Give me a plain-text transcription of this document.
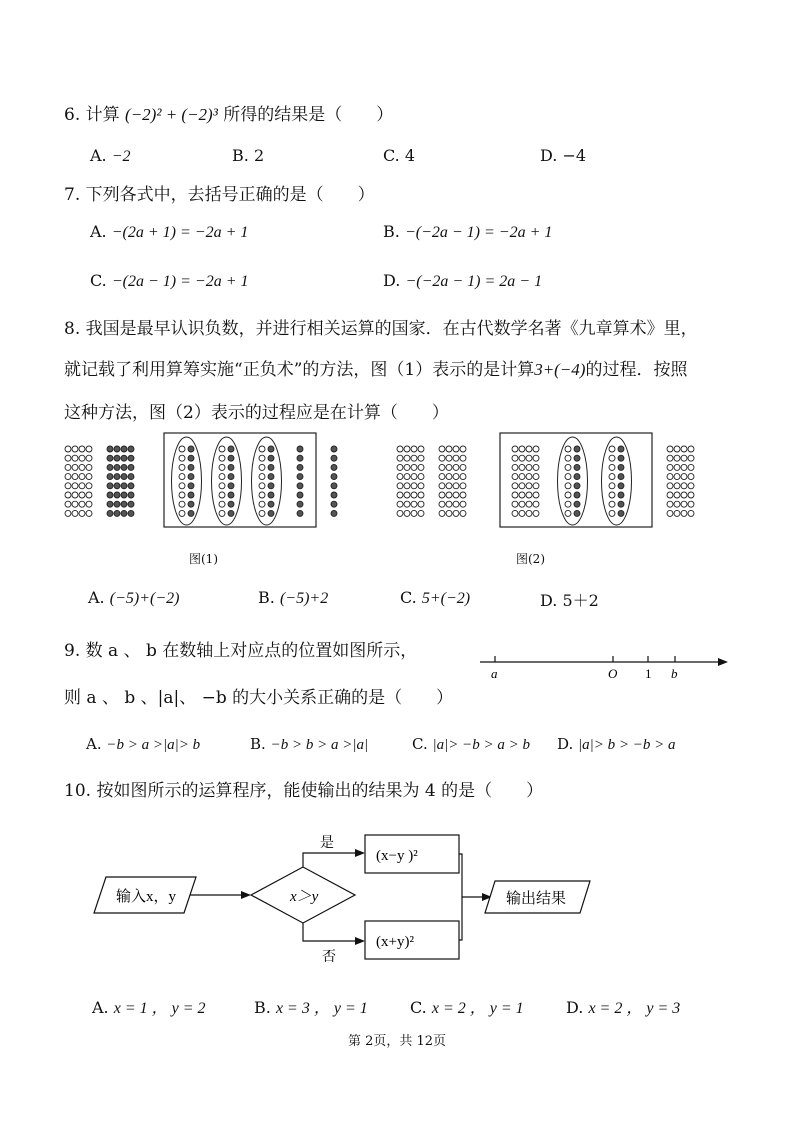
6. 计算 (−2)² + (−2)³ 所得的结果是（　　）
A. −2	B. 2	C. 4	D. −4
7. 下列各式中，去括号正确的是（　　）
A. −(2a + 1) = −2a + 1	B. −(−2a − 1) = −2a + 1
C. −(2a − 1) = −2a + 1	D. −(−2a − 1) = 2a − 1
8. 我国是最早认识负数，并进行相关运算的国家．在古代数学名著《九章算术》里，
就记载了利用算筹实施“正负术”的方法，图（1）表示的是计算3+(−4)的过程．按照
这种方法，图（2）表示的过程应是在计算（　　）
图(1)	图(2)
A. (−5)+(−2)	B. (−5)+2	C. 5+(−2)	D. 5＋2
9. 数 a 、 b 在数轴上对应点的位置如图所示，
则 a 、 b 、|a|、 −b 的大小关系正确的是（　　）
a	O 1 b
A. −b > a >|a|> b	B. −b > b > a >|a|	C. |a|> −b > a > b D. |a|> b > −b > a
10. 按如图所示的运算程序，能使输出的结果为 4 的是（　　）
输入x，y	x＞y
是
(x−y )²
否
(x+y)²
输出结果
A. x = 1 ， y = 2	B. x = 3 ， y = 1	C. x = 2 ， y = 1	D. x = 2 ， y = 3
第 2页，共 12页
